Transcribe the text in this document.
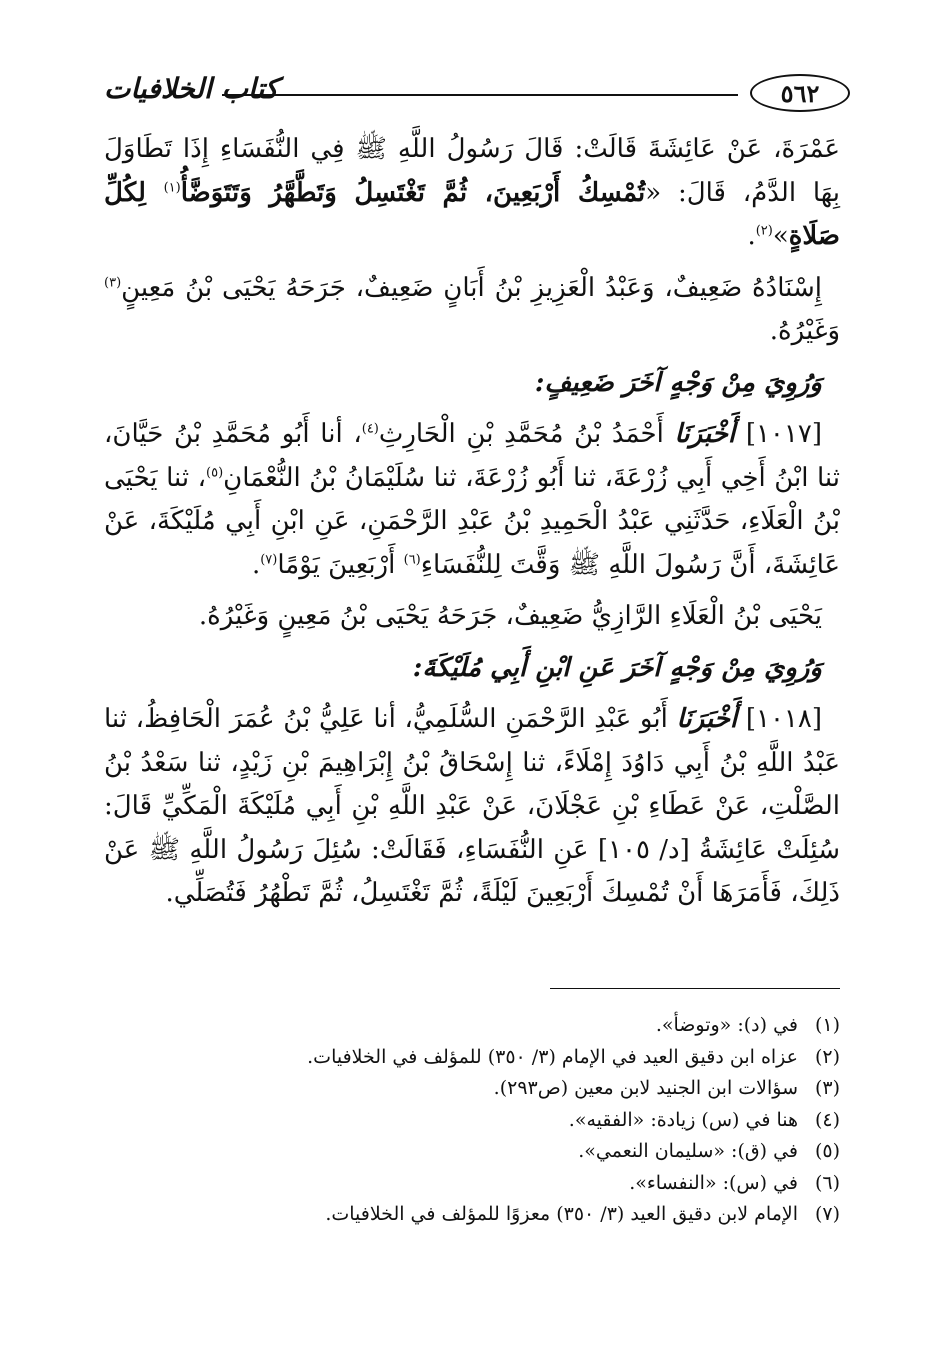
٥٦٢
كتاب الخلافيات

عَمْرَةَ، عَنْ عَائِشَةَ قَالَتْ: قَالَ رَسُولُ اللَّهِ ﷺ فِي النُّفَسَاءِ إِذَا تَطَاوَلَ بِهَا الدَّمُ، قَالَ: «تُمْسِكُ أَرْبَعِينَ، ثُمَّ تَغْتَسِلُ وَتَطَّهَّرُ وَتَتَوَضَّأُ$^{(١)}$ لِكُلِّ صَلَاةٍ»$^{(٢)}$.

إِسْنَادُهُ ضَعِيفٌ، وَعَبْدُ الْعَزِيزِ بْنُ أَبَانٍ ضَعِيفٌ، جَرَحَهُ يَحْيَى بْنُ مَعِينٍ$^{(٣)}$ وَغَيْرُهُ.

وَرُوِيَ مِنْ وَجْهٍ آخَرَ ضَعِيفٍ:

[١٠١٧] أَخْبَرَنَا أَحْمَدُ بْنُ مُحَمَّدِ بْنِ الْحَارِثِ$^{(٤)}$، أنا أَبُو مُحَمَّدِ بْنُ حَيَّانَ، ثنا ابْنُ أَخِي أَبِي زُرْعَةَ، ثنا أَبُو زُرْعَةَ، ثنا سُلَيْمَانُ بْنُ النُّعْمَانِ$^{(٥)}$، ثنا يَحْيَى بْنُ الْعَلَاءِ، حَدَّثَنِي عَبْدُ الْحَمِيدِ بْنُ عَبْدِ الرَّحْمَنِ، عَنِ ابْنِ أَبِي مُلَيْكَةَ، عَنْ عَائِشَةَ، أَنَّ رَسُولَ اللَّهِ ﷺ وَقَّتَ لِلنُّفَسَاءِ$^{(٦)}$ أَرْبَعِينَ يَوْمًا$^{(٧)}$.

يَحْيَى بْنُ الْعَلَاءِ الرَّازِيُّ ضَعِيفٌ، جَرَحَهُ يَحْيَى بْنُ مَعِينٍ وَغَيْرُهُ.

وَرُوِيَ مِنْ وَجْهٍ آخَرَ عَنِ ابْنِ أَبِي مُلَيْكَةَ:

[١٠١٨] أَخْبَرَنَا أَبُو عَبْدِ الرَّحْمَنِ السُّلَمِيُّ، أنا عَلِيُّ بْنُ عُمَرَ الْحَافِظُ، ثنا عَبْدُ اللَّهِ بْنُ أَبِي دَاوُدَ إِمْلَاءً، ثنا إِسْحَاقُ بْنُ إِبْرَاهِيمَ بْنِ زَيْدٍ، ثنا سَعْدُ بْنُ الصَّلْتِ، عَنْ عَطَاءِ بْنِ عَجْلَانَ، عَنْ عَبْدِ اللَّهِ بْنِ أَبِي مُلَيْكَةَ الْمَكِّيِّ قَالَ: سُئِلَتْ عَائِشَةُ [د/ ١٠٥] عَنِ النُّفَسَاءِ، فَقَالَتْ: سُئِلَ رَسُولُ اللَّهِ ﷺ عَنْ ذَلِكَ، فَأَمَرَهَا أَنْ تُمْسِكَ أَرْبَعِينَ لَيْلَةً، ثُمَّ تَغْتَسِلُ، ثُمَّ تَطْهُرُ فَتُصَلِّي.

(١)
في (د): «وتوضأ».
(٢)
عزاه ابن دقيق العيد في الإمام (٣/ ٣٥٠) للمؤلف في الخلافيات.
(٣)
سؤالات ابن الجنيد لابن معين (ص٢٩٣).
(٤)
هنا في (س) زيادة: «الفقيه».
(٥)
في (ق): «سليمان النعمي».
(٦)
في (س): «النفساء».
(٧)
الإمام لابن دقيق العيد (٣/ ٣٥٠) معزوًا للمؤلف في الخلافيات.
